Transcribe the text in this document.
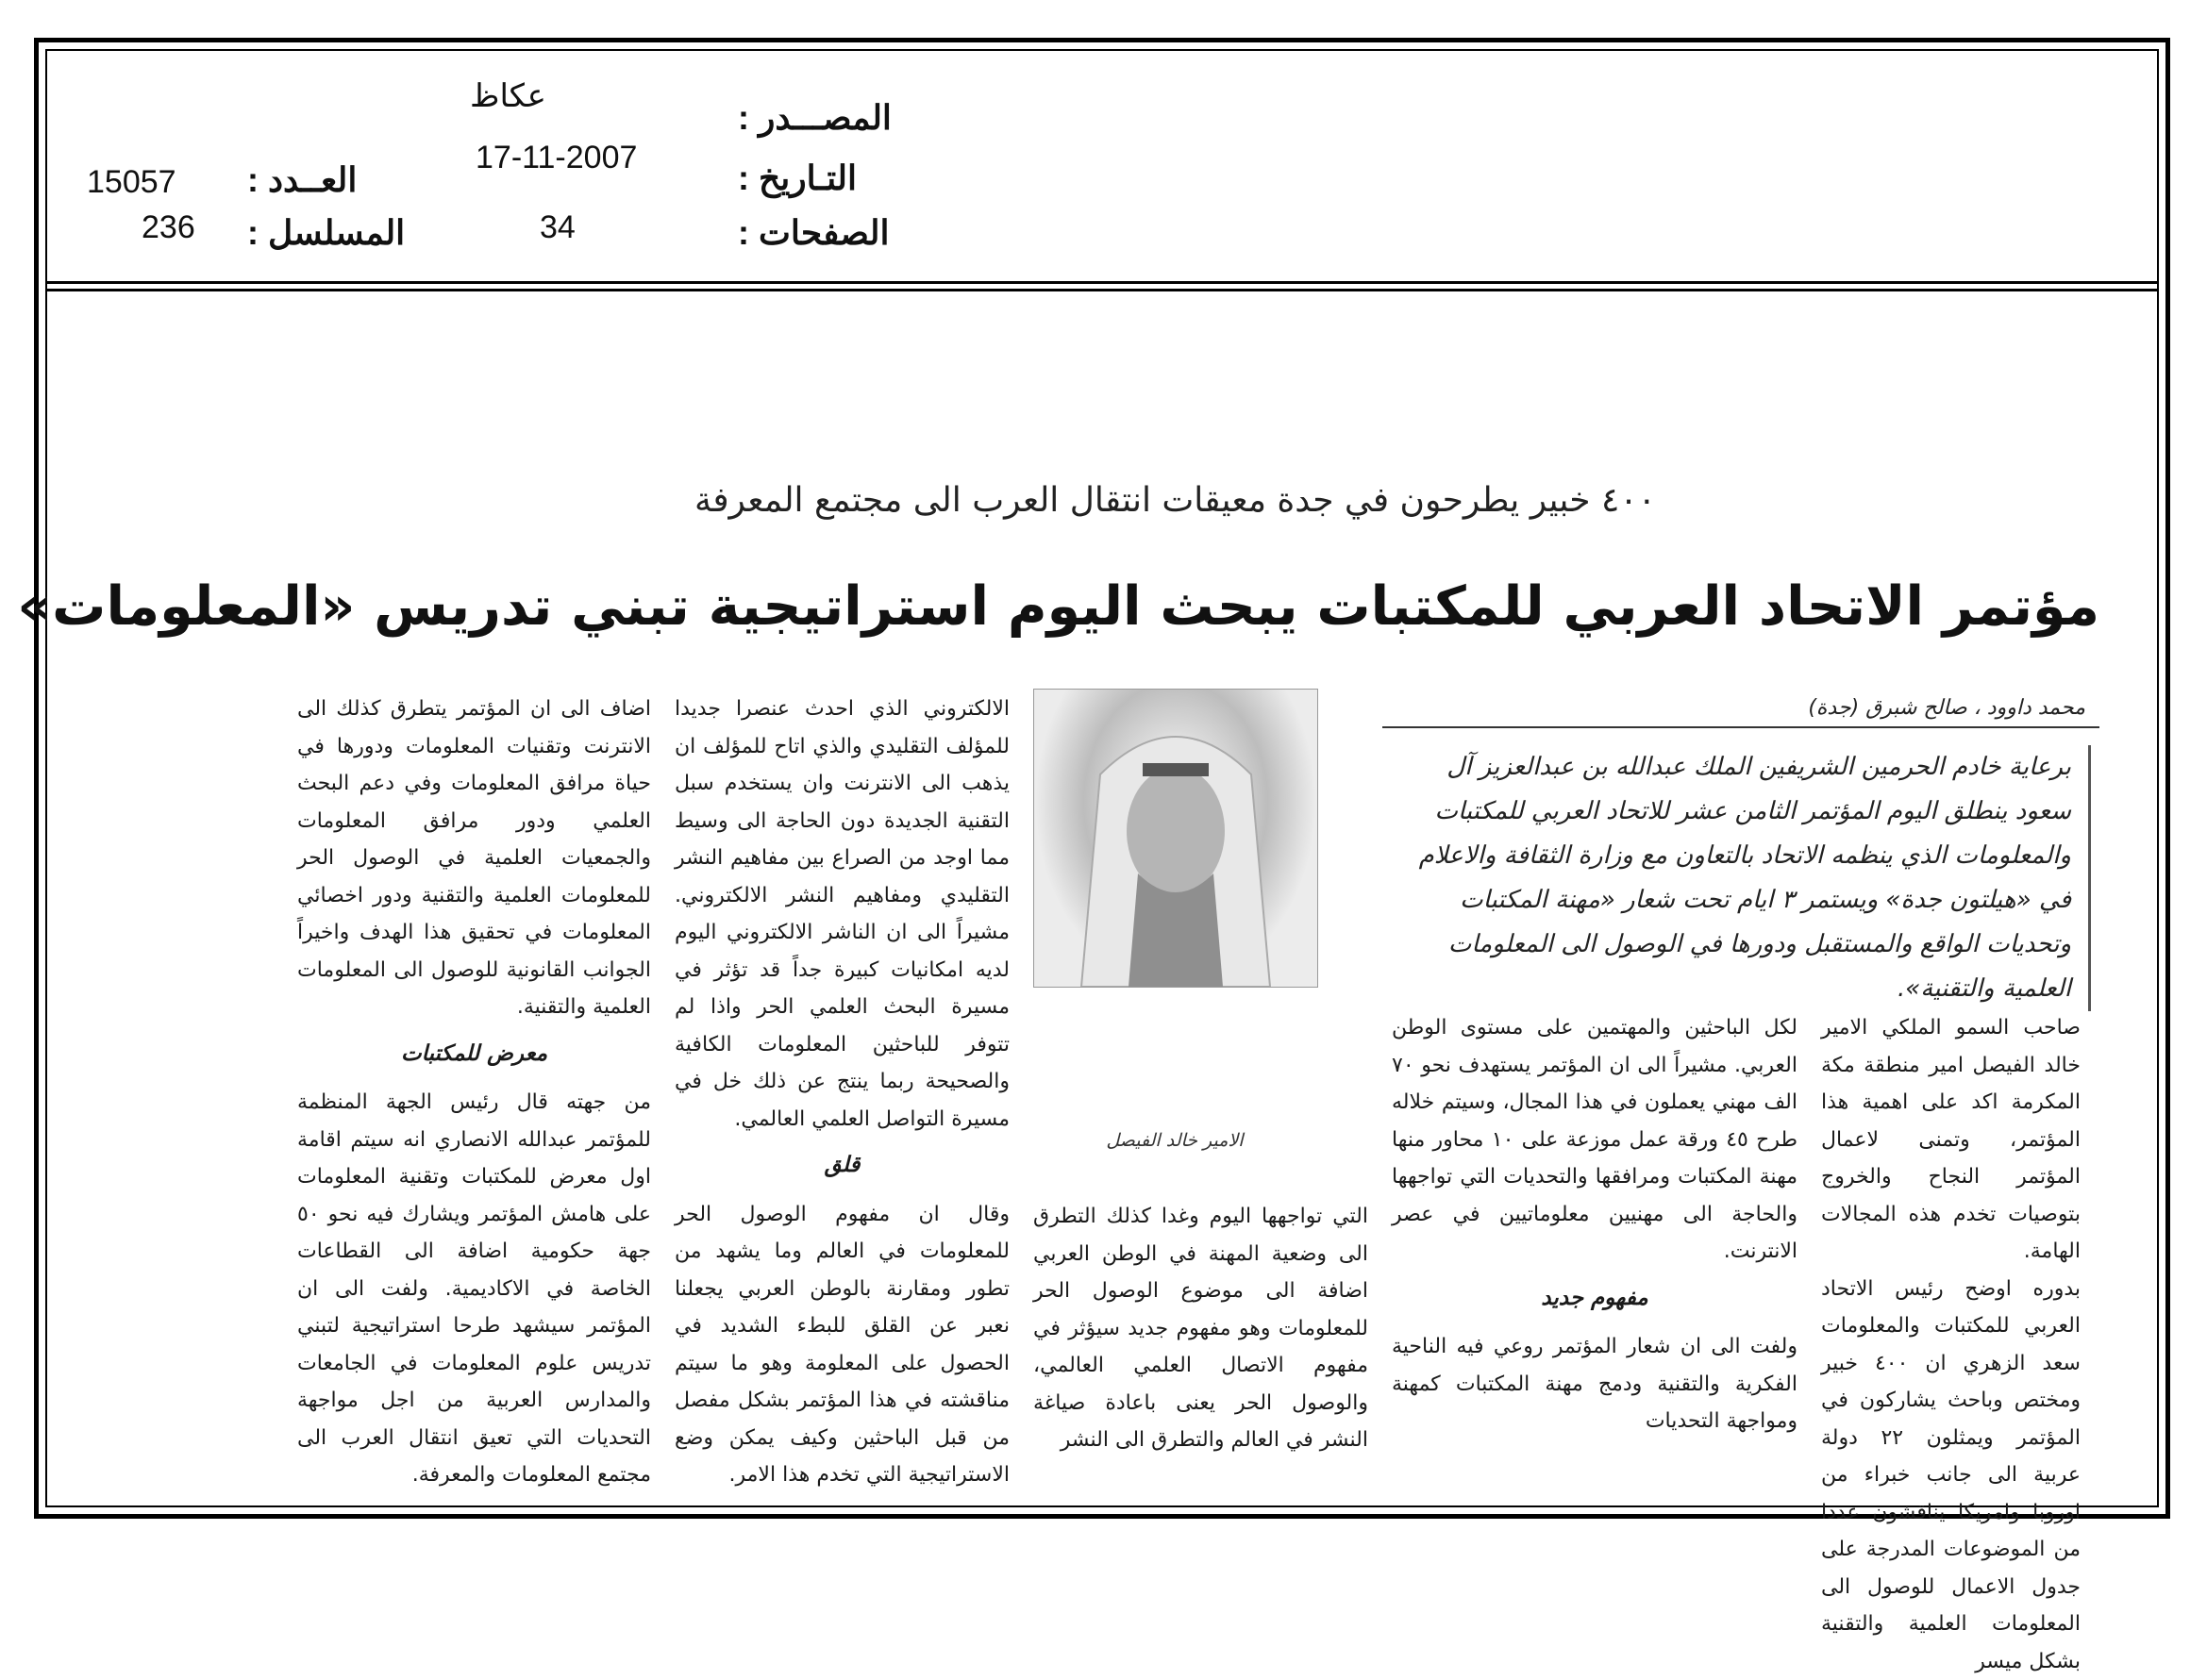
عكاظ
المصـــدر :
17-11-2007
التـاريخ :
34	الصفحات :
15057 العــدد :
236 المسلسل :
٤٠٠ خبير يطرحون في جدة معيقات انتقال العرب الى مجتمع المعرفة
مؤتمر الاتحاد العربي للمكتبات يبحث اليوم استراتيجية تبني تدريس «المعلومات»
محمد داوود ، صالح شبرق (جدة)
برعاية خادم الحرمين الشريفين الملك عبدالله بن عبدالعزيز آل سعود ينطلق اليوم المؤتمر الثامن عشر للاتحاد العربي للمكتبات والمعلومات الذي ينظمه الاتحاد بالتعاون مع وزارة الثقافة والاعلام في «هيلتون جدة» ويستمر ٣ ايام تحت شعار «مهنة المكتبات وتحديات الواقع والمستقبل ودورها في الوصول الى المعلومات العلمية والتقنية».
الامير خالد الفيصل

صاحب السمو الملكي الامير خالد الفيصل امير منطقة مكة المكرمة اكد على اهمية هذا المؤتمر، وتمنى لاعمال المؤتمر النجاح والخروج بتوصيات تخدم هذه المجالات الهامة.
بدوره اوضح رئيس الاتحاد العربي للمكتبات والمعلومات سعد الزهري ان ٤٠٠ خبير ومختص وباحث يشاركون في المؤتمر ويمثلون ٢٢ دولة عربية الى جانب خبراء من اوروبا وامريكا يناقشون عددا من الموضوعات المدرجة على جدول الاعمال للوصول الى المعلومات العلمية والتقنية بشكل ميسر

لكل الباحثين والمهتمين على مستوى الوطن العربي. مشيراً الى ان المؤتمر يستهدف نحو ٧٠ الف مهني يعملون في هذا المجال، وسيتم خلاله طرح ٤٥ ورقة عمل موزعة على ١٠ محاور منها مهنة المكتبات ومرافقها والتحديات التي تواجهها والحاجة الى مهنيين معلوماتيين في عصر الانترنت.

مفهوم جديد

ولفت الى ان شعار المؤتمر روعي فيه الناحية الفكرية والتقنية ودمج مهنة المكتبات كمهنة ومواجهة التحديات

التي تواجهها اليوم وغدا كذلك التطرق الى وضعية المهنة في الوطن العربي اضافة الى موضوع الوصول الحر للمعلومات وهو مفهوم جديد سيؤثر في مفهوم الاتصال العلمي العالمي، والوصول الحر يعنى باعادة صياغة النشر في العالم والتطرق الى النشر

الالكتروني الذي احدث عنصرا جديدا للمؤلف التقليدي والذي اتاح للمؤلف ان يذهب الى الانترنت وان يستخدم سبل التقنية الجديدة دون الحاجة الى وسيط مما اوجد من الصراع بين مفاهيم النشر التقليدي ومفاهيم النشر الالكتروني. مشيراً الى ان الناشر الالكتروني اليوم لديه امكانيات كبيرة جداً قد تؤثر في مسيرة البحث العلمي الحر واذا لم تتوفر للباحثين المعلومات الكافية والصحيحة ربما ينتج عن ذلك خل في مسيرة التواصل العلمي العالمي.

قلق

وقال ان مفهوم الوصول الحر للمعلومات في العالم وما يشهد من تطور ومقارنة بالوطن العربي يجعلنا نعبر عن القلق للبطء الشديد في الحصول على المعلومة وهو ما سيتم مناقشته في هذا المؤتمر بشكل مفصل من قبل الباحثين وكيف يمكن وضع الاستراتيجية التي تخدم هذا الامر.

اضاف الى ان المؤتمر يتطرق كذلك الى الانترنت وتقنيات المعلومات ودورها في حياة مرافق المعلومات وفي دعم البحث العلمي ودور مرافق المعلومات والجمعيات العلمية في الوصول الحر للمعلومات العلمية والتقنية ودور اخصائي المعلومات في تحقيق هذا الهدف واخيراً الجوانب القانونية للوصول الى المعلومات العلمية والتقنية.

معرض للمكتبات

من جهته قال رئيس الجهة المنظمة للمؤتمر عبدالله الانصاري انه سيتم اقامة اول معرض للمكتبات وتقنية المعلومات على هامش المؤتمر ويشارك فيه نحو ٥٠ جهة حكومية اضافة الى القطاعات الخاصة في الاكاديمية. ولفت الى ان المؤتمر سيشهد طرحا استراتيجية لتبني تدريس علوم المعلومات في الجامعات والمدارس العربية من اجل مواجهة التحديات التي تعيق انتقال العرب الى مجتمع المعلومات والمعرفة.
